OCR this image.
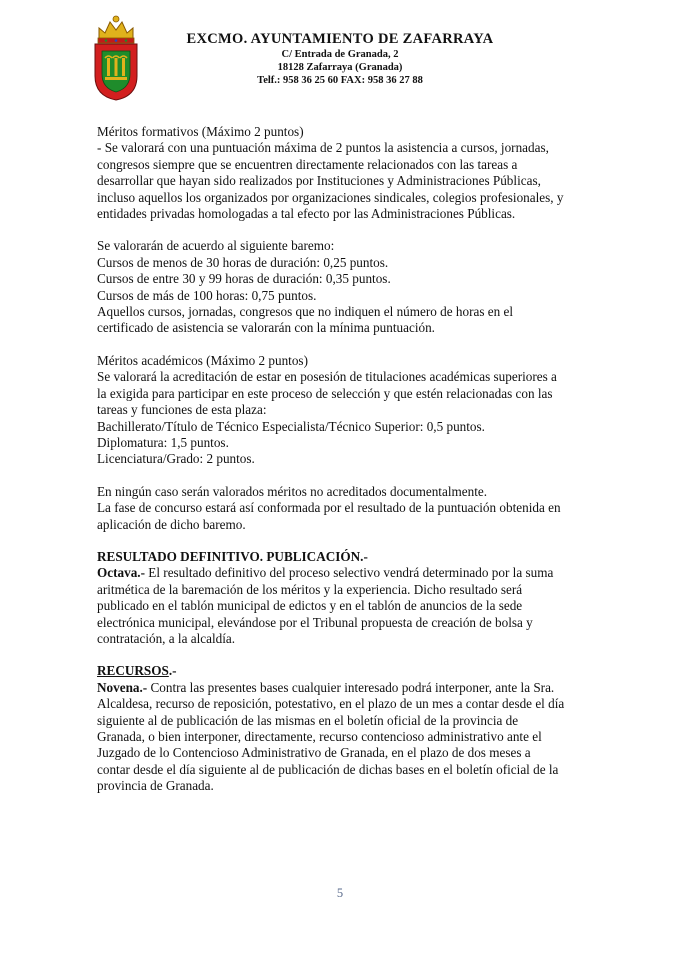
EXCMO. AYUNTAMIENTO DE ZAFARRAYA
C/ Entrada de Granada, 2
18128 Zafarraya (Granada)
Telf.: 958 36 25 60 FAX: 958 36 27 88

Méritos formativos (Máximo 2 puntos)

- Se valorará con una puntuación máxima de 2 puntos la asistencia a cursos, jornadas,

congresos siempre que se encuentren directamente relacionados con las tareas a

desarrollar que hayan sido realizados por Instituciones y Administraciones Públicas,

incluso aquellos los organizados por organizaciones sindicales, colegios profesionales, y

entidades privadas homologadas a tal efecto por las Administraciones Públicas.

Se valorarán de acuerdo al siguiente baremo:

Cursos de menos de 30 horas de duración: 0,25 puntos.

Cursos de entre 30 y 99 horas de duración: 0,35 puntos.

Cursos de más de 100 horas: 0,75 puntos.

Aquellos cursos, jornadas, congresos que no indiquen el número de horas en el

certificado de asistencia se valorarán con la mínima puntuación.

Méritos académicos (Máximo 2 puntos)

Se valorará la acreditación de estar en posesión de titulaciones académicas superiores a

la exigida para participar en este proceso de selección y que estén relacionadas con las

tareas y funciones de esta plaza:

Bachillerato/Título de Técnico Especialista/Técnico Superior: 0,5 puntos.

Diplomatura: 1,5 puntos.

Licenciatura/Grado: 2 puntos.

En ningún caso serán valorados méritos no acreditados documentalmente.

La fase de concurso estará así conformada por el resultado de la puntuación obtenida en

aplicación de dicho baremo.

RESULTADO DEFINITIVO. PUBLICACIÓN.-

Octava.- El resultado definitivo del proceso selectivo vendrá determinado por la suma

aritmética de la baremación de los méritos y la experiencia. Dicho resultado será

publicado en el tablón municipal de edictos y en el tablón de anuncios de la sede

electrónica municipal, elevándose por el Tribunal propuesta de creación de bolsa y

contratación, a la alcaldía.

RECURSOS.-

Novena.- Contra las presentes bases cualquier interesado podrá interponer, ante la Sra.

Alcaldesa, recurso de reposición, potestativo, en el plazo de un mes a contar desde el día

siguiente al de publicación de las mismas en el boletín oficial de la provincia de

Granada, o bien interponer, directamente, recurso contencioso administrativo ante el

Juzgado de lo Contencioso Administrativo de Granada, en el plazo de dos meses a

contar desde el día siguiente al de publicación de dichas bases en el boletín oficial de la

provincia de Granada.

5
